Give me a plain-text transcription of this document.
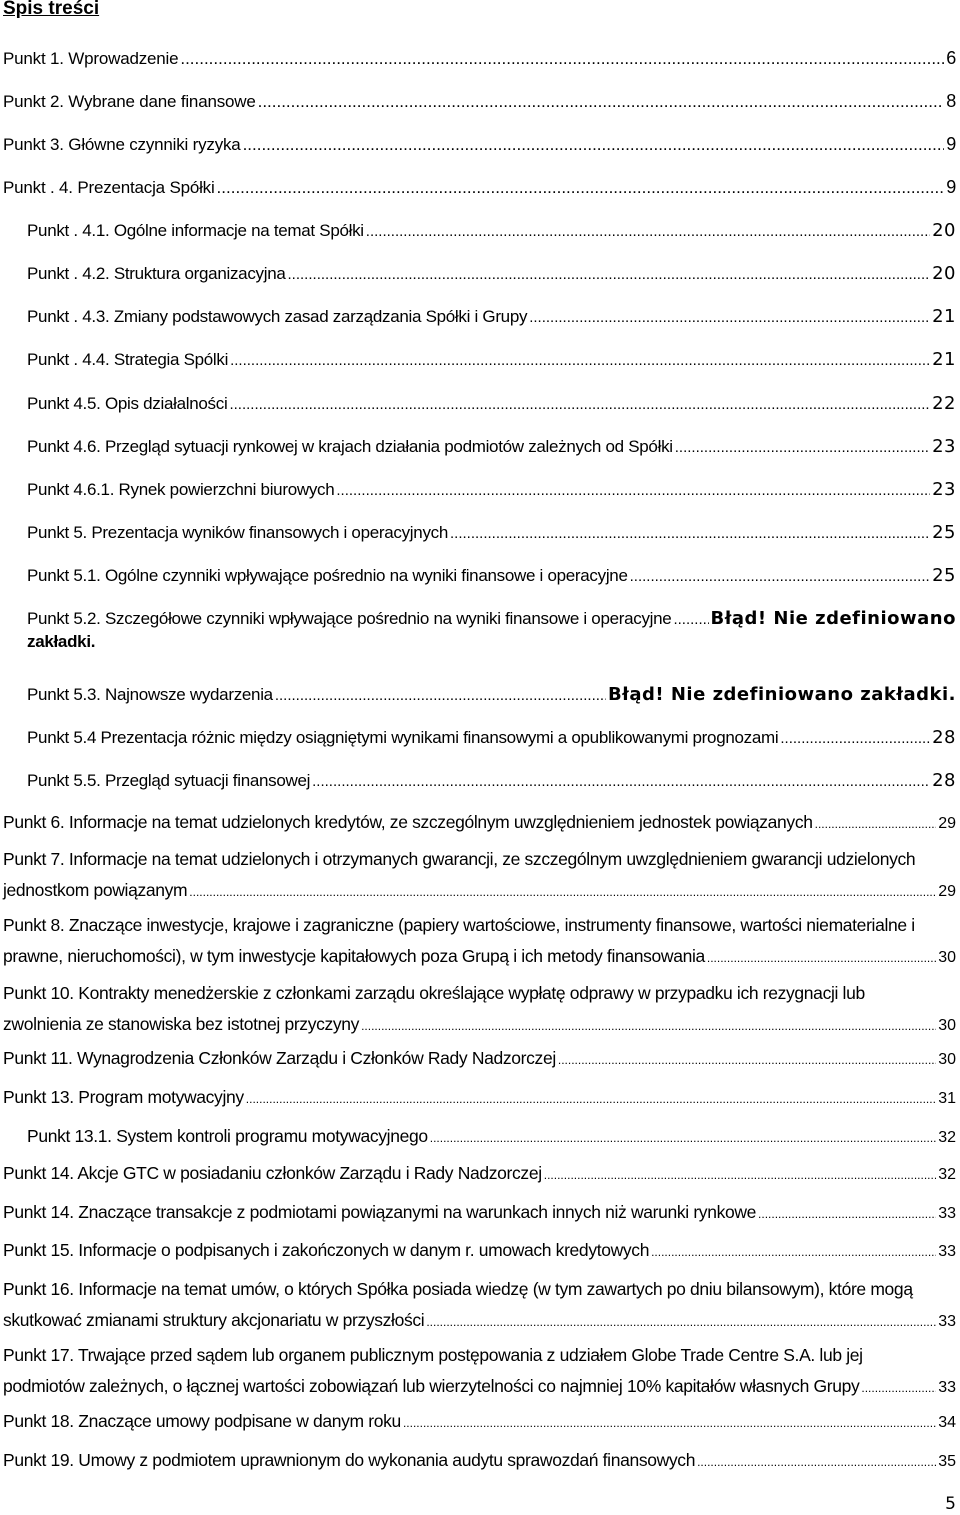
Spis treści
Punkt 1. Wprowadzenie .....	6
Punkt 2. Wybrane dane finansowe .....	8
Punkt 3. Główne czynniki ryzyka .....	9
Punkt . 4. Prezentacja Spółki .....	9
Punkt . 4.1. Ogólne informacje na temat Spółki .....	20
Punkt . 4.2. Struktura organizacyjna .....	20
Punkt . 4.3. Zmiany podstawowych zasad zarządzania Spółki i Grupy .....	21
Punkt . 4.4. Strategia Spólki .....	21
Punkt 4.5. Opis działalności .....	22
Punkt 4.6. Przegląd sytuacji rynkowej w krajach działania podmiotów zależnych od Spółki .....	23
Punkt 4.6.1. Rynek powierzchni biurowych .....	23
Punkt 5. Prezentacja wyników finansowych i operacyjnych .....	25
Punkt 5.1. Ogólne czynniki wpływające pośrednio na wyniki finansowe i operacyjne .....	25
Punkt 5.2. Szczegółowe czynniki wpływające pośrednio na wyniki finansowe i operacyjne ..... Błąd! Nie zdefiniowano
zakładki.
Punkt 5.3. Najnowsze wydarzenia .....	Błąd! Nie zdefiniowano zakładki.
Punkt 5.4 Prezentacja różnic między osiągniętymi wynikami finansowymi a opublikowanymi prognozami .....	28
Punkt 5.5. Przegląd sytuacji finansowej .....	28
Punkt 6. Informacje na temat udzielonych kredytów, ze szczególnym uwzględnieniem jednostek powiązanych .....	29
Punkt 7. Informacje na temat udzielonych i otrzymanych gwarancji, ze szczególnym uwzględnieniem gwarancji udzielonych
jednostkom powiązanym .....	29
Punkt 8. Znaczące inwestycje, krajowe i zagraniczne (papiery wartościowe, instrumenty finansowe, wartości niematerialne i
prawne, nieruchomości), w tym inwestycje kapitałowych poza Grupą i ich metody finansowania .....	30
Punkt 10. Kontrakty menedżerskie z członkami zarządu określające wypłatę odprawy w przypadku ich rezygnacji lub
zwolnienia ze stanowiska bez istotnej przyczyny .....	30
Punkt 11. Wynagrodzenia Członków Zarządu i Członków Rady Nadzorczej .....	30
Punkt 13. Program motywacyjny .....	31
Punkt 13.1. System kontroli programu motywacyjnego .....	32
Punkt 14. Akcje GTC w posiadaniu członków Zarządu i Rady Nadzorczej .....	32
Punkt 14. Znaczące transakcje z podmiotami powiązanymi na warunkach innych niż warunki rynkowe .....	33
Punkt 15. Informacje o podpisanych i zakończonych w danym r. umowach kredytowych .....	33
Punkt 16. Informacje na temat umów, o których Spółka posiada wiedzę (w tym zawartych po dniu bilansowym), które mogą
skutkować zmianami struktury akcjonariatu w przyszłości .....	33
Punkt 17. Trwające przed sądem lub organem publicznym postępowania z udziałem Globe Trade Centre S.A. lub jej
podmiotów zależnych, o łącznej wartości zobowiązań lub wierzytelności co najmniej 10% kapitałów własnych Grupy .....	33
Punkt 18. Znaczące umowy podpisane w danym roku .....	34
Punkt 19. Umowy z podmiotem uprawnionym do wykonania audytu sprawozdań finansowych .....	35
5
